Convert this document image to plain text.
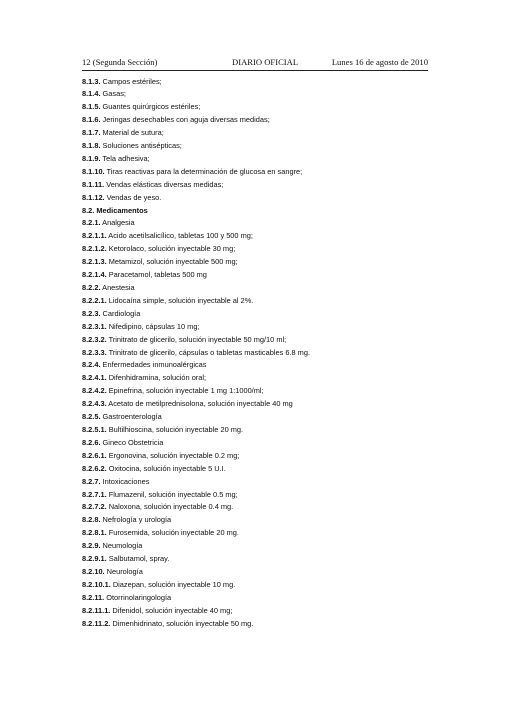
12 (Segunda Sección)	DIARIO OFICIAL	Lunes 16 de agosto de 2010
8.1.3. Campos estériles;
8.1.4. Gasas;
8.1.5. Guantes quirúrgicos estériles;
8.1.6. Jeringas desechables con aguja diversas medidas;
8.1.7. Material de sutura;
8.1.8. Soluciones antisépticas;
8.1.9. Tela adhesiva;
8.1.10. Tiras reactivas para la determinación de glucosa en sangre;
8.1.11. Vendas elásticas diversas medidas;
8.1.12. Vendas de yeso.
8.2. Medicamentos
8.2.1. Analgesia
8.2.1.1. Acido acetilsalicílico, tabletas 100 y 500 mg;
8.2.1.2. Ketorolaco, solución inyectable 30 mg;
8.2.1.3. Metamizol, solución inyectable 500 mg;
8.2.1.4. Paracetamol, tabletas 500 mg
8.2.2. Anestesia
8.2.2.1. Lidocaína simple, solución inyectable al 2%.
8.2.3. Cardiología
8.2.3.1. Nifedipino, cápsulas 10 mg;
8.2.3.2. Trinitrato de glicerilo, solución inyectable 50 mg/10 ml;
8.2.3.3. Trinitrato de glicerilo, cápsulas o tabletas masticables 6.8 mg.
8.2.4. Enfermedades inmunoalérgicas
8.2.4.1. Difenhidramina, solución oral;
8.2.4.2. Epinefrina, solución inyectable 1 mg 1:1000/ml;
8.2.4.3. Acetato de metilprednisolona, solución inyectable 40 mg
8.2.5. Gastroenterología
8.2.5.1. Bultilhioscina, solución inyectable 20 mg.
8.2.6. Gineco Obstetricia
8.2.6.1. Ergonovina, solución inyectable 0.2 mg;
8.2.6.2. Oxitocina, solución inyectable 5 U.I.
8.2.7. Intoxicaciones
8.2.7.1. Flumazenil, solución inyectable 0.5 mg;
8.2.7.2. Naloxona, solución inyectable 0.4 mg.
8.2.8. Nefrología y urología
8.2.8.1. Furosemida, solución inyectable 20 mg.
8.2.9. Neumología
8.2.9.1. Salbutamol, spray.
8.2.10. Neurología
8.2.10.1. Diazepan, solución inyectable 10 mg.
8.2.11. Otorrinolaringología
8.2.11.1. Difenidol, solución inyectable 40 mg;
8.2.11.2. Dimenhidrinato, solución inyectable 50 mg.
